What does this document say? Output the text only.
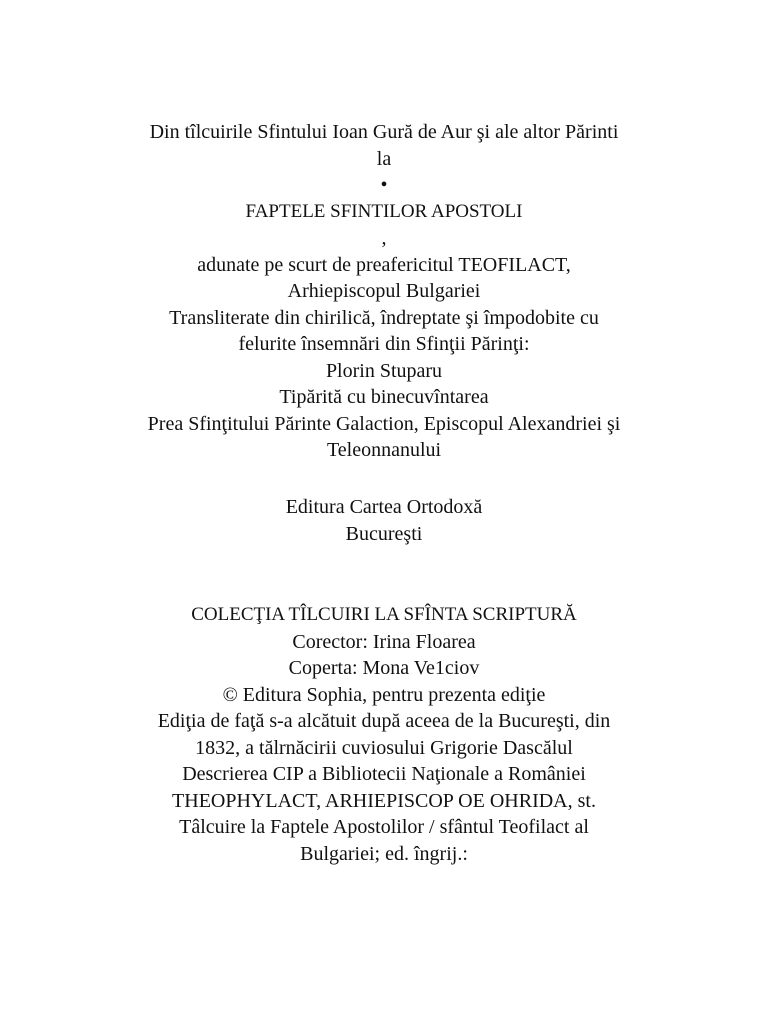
Din tîlcuirile Sfintului Ioan Gură de Aur şi ale altor Părinti
la
•
FAPTELE SFINTILOR APOSTOLI
,
adunate pe scurt de preafericitul TEOFILACT,
Arhiepiscopul Bulgariei
Transliterate din chirilică, îndreptate şi împodobite cu
felurite însemnări din Sfinţii Părinţi:
Plorin Stuparu
Tipărită cu binecuvîntarea
Prea Sfinţitului Părinte Galaction, Episcopul Alexandriei şi
Teleonnanului
Editura Cartea Ortodoxă
Bucureşti
COLECŢIA TÎLCUIRI LA SFÎNTA SCRIPTURĂ
Corector: Irina Floarea
Coperta: Mona Ve1ciov
© Editura Sophia, pentru prezenta ediţie
Ediţia de faţă s-a alcătuit după aceea de la Bucureşti, din
1832, a tălrnăcirii cuviosului Grigorie Dascălul
Descrierea CIP a Bibliotecii Naţionale a României
THEOPHYLACT, ARHIEPISCOP OE OHRIDA, st.
Tâlcuire la Faptele Apostolilor / sfântul Teofilact al
Bulgariei; ed. îngrij.:
